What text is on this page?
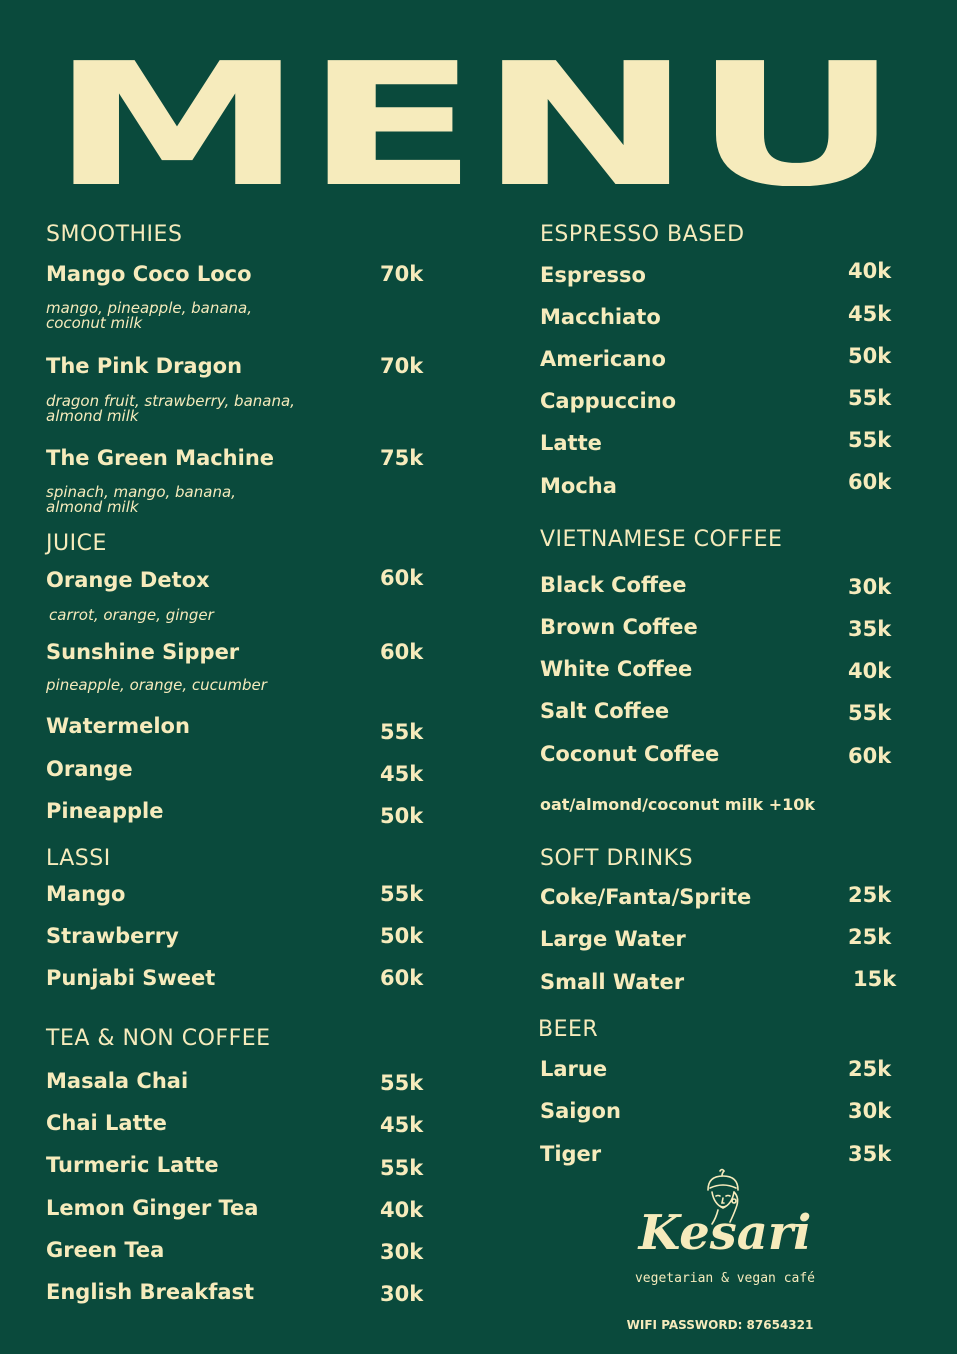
MENU
SMOOTHIES
Mango Coco Loco	70k
mango, pineapple, banana, coconut milk
The Pink Dragon	70k
dragon fruit, strawberry, banana, almond milk
The Green Machine	75k
spinach, mango, banana, almond milk
JUICE
Orange Detox	60k
carrot, orange, ginger
Sunshine Sipper	60k
pineapple, orange, cucumber
Watermelon	55k
Orange	45k
Pineapple	50k
LASSI
Mango	55k
Strawberry	50k
Punjabi Sweet	60k
TEA & NON COFFEE
Masala Chai	55k
Chai Latte	45k
Turmeric Latte	55k
Lemon Ginger Tea	40k
Green Tea	30k
English Breakfast	30k
ESPRESSO BASED
Espresso	40k
Macchiato	45k
Americano	50k
Cappuccino	55k
Latte	55k
Mocha	60k
VIETNAMESE COFFEE
Black Coffee	30k
Brown Coffee	35k
White Coffee	40k
Salt Coffee	55k
Coconut Coffee	60k
oat/almond/coconut milk +10k
SOFT DRINKS
Coke/Fanta/Sprite	25k
Large Water	25k
Small Water	15k
BEER
Larue	25k
Saigon	30k
Tiger	35k
Kesari
vegetarian & vegan café
WIFI PASSWORD: 87654321
